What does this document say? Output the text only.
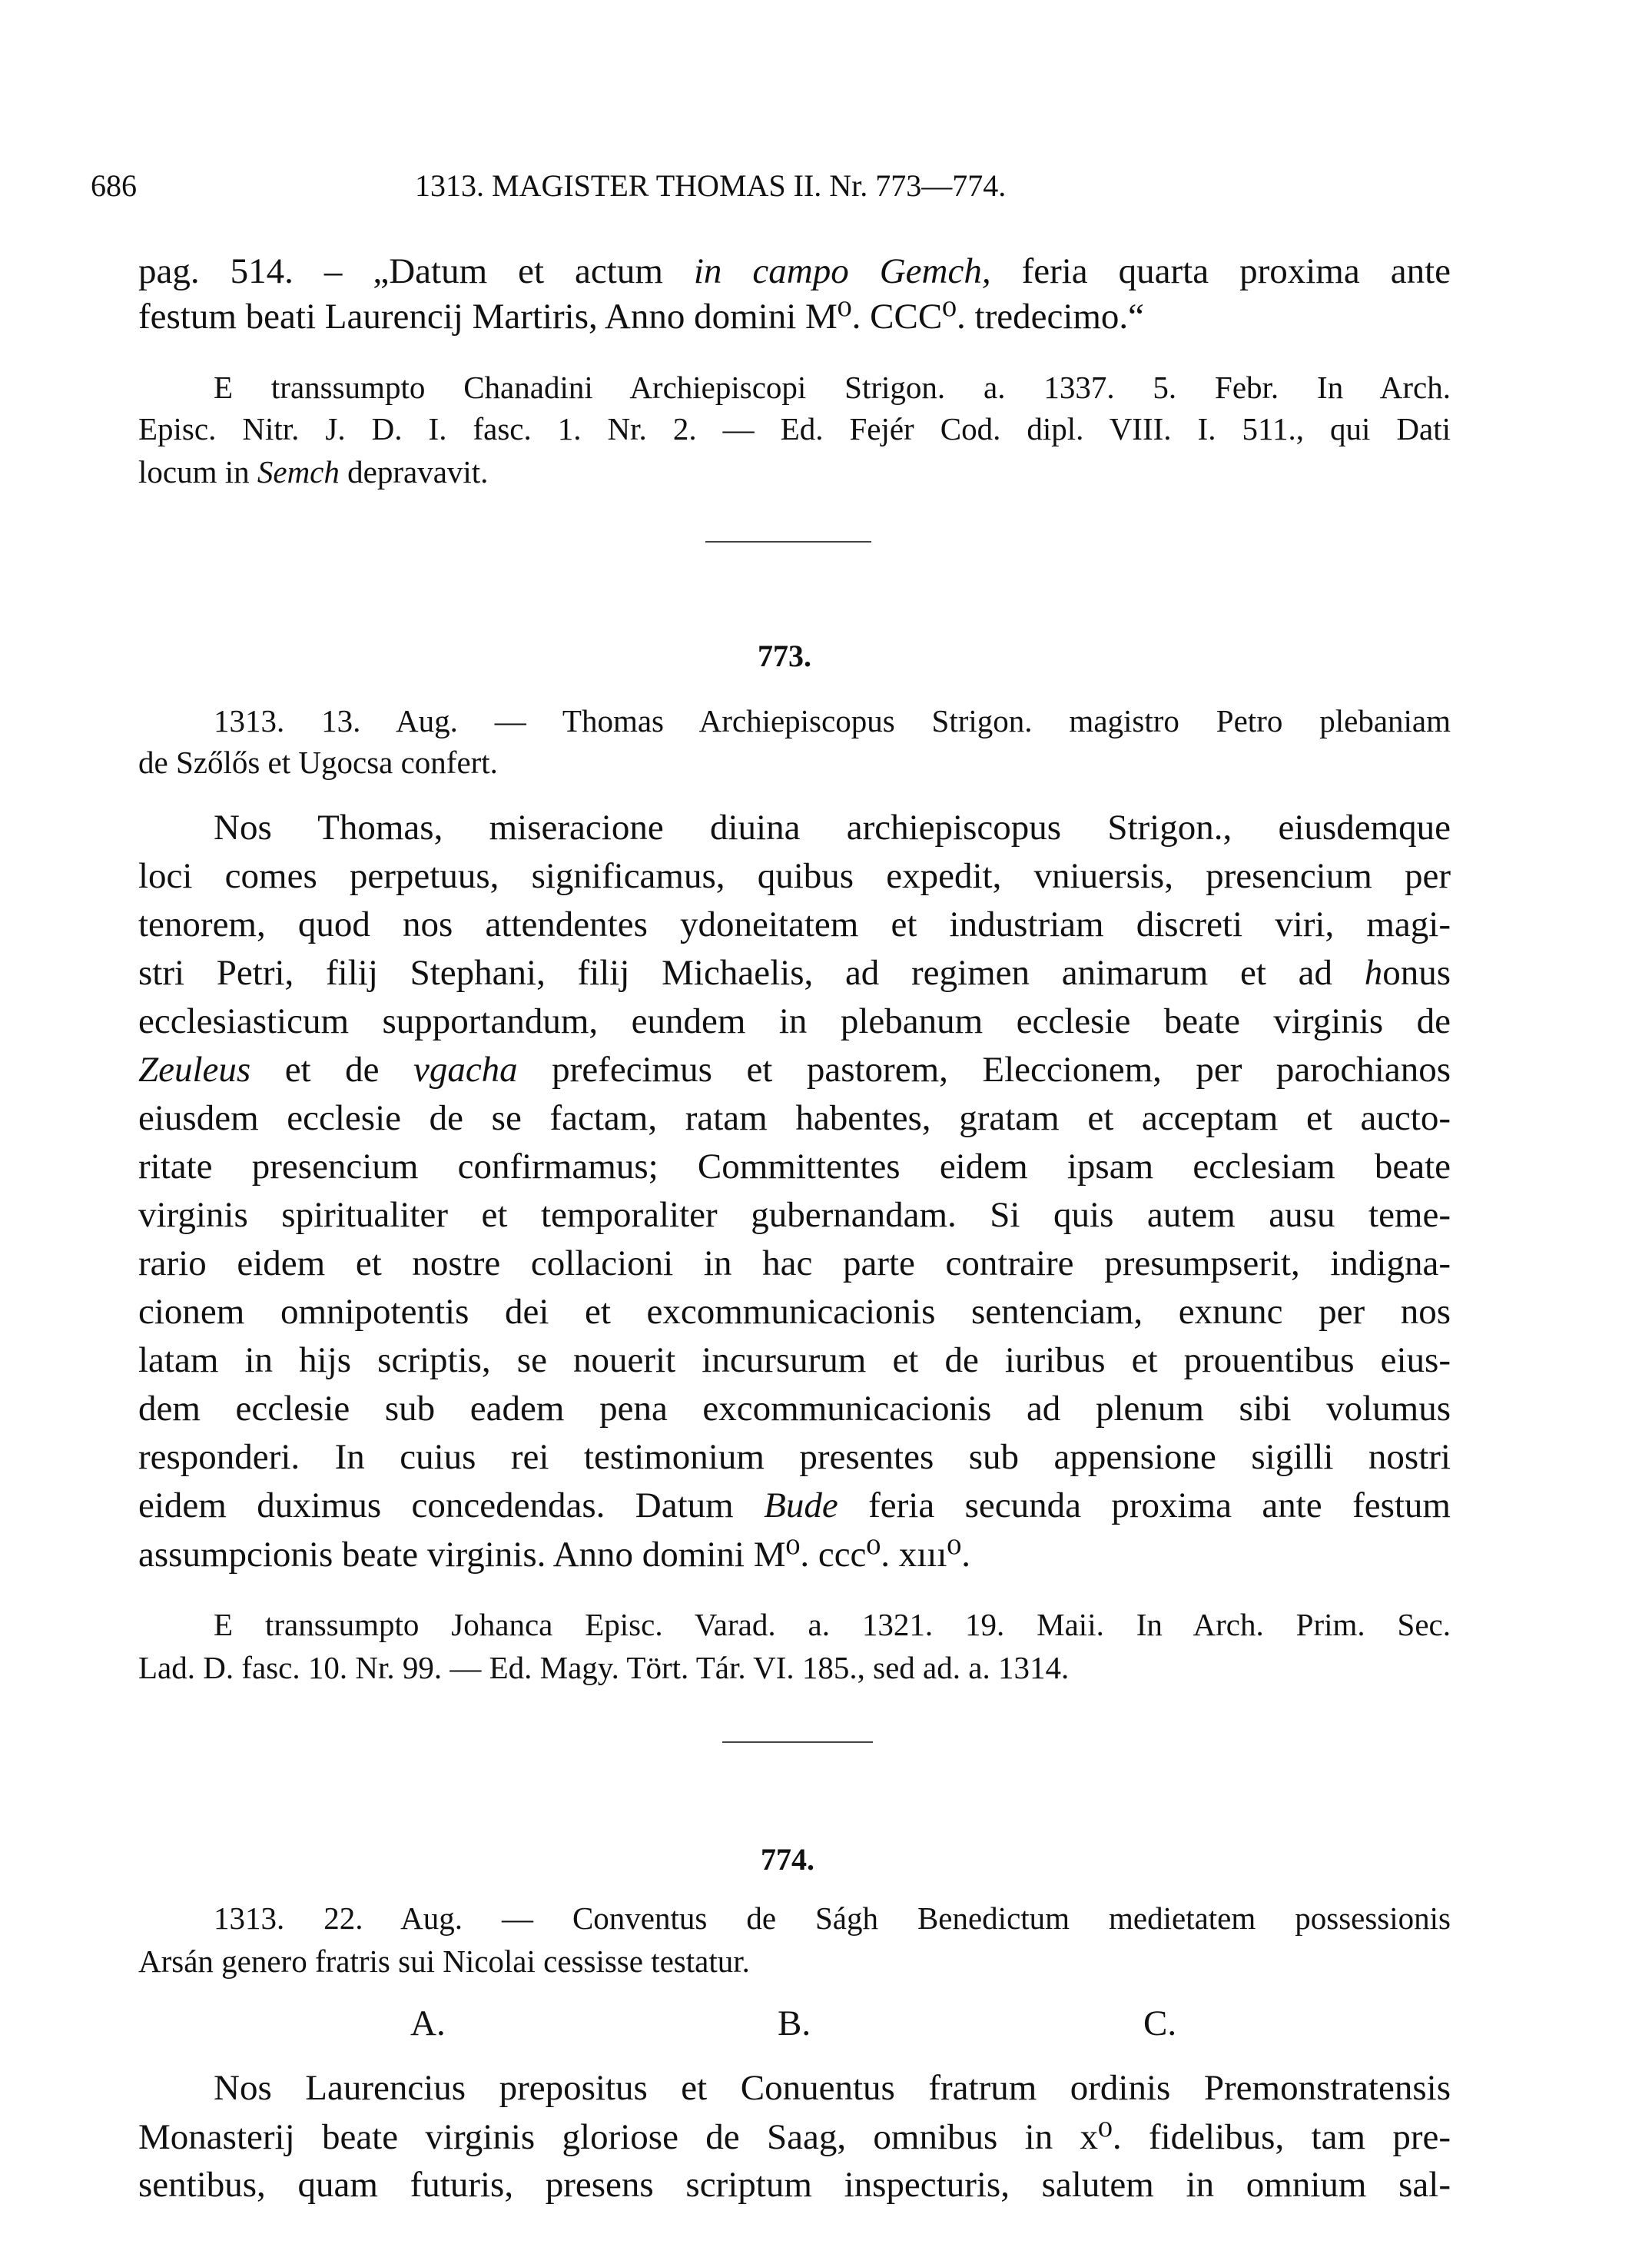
686	1313. MAGISTER THOMAS II. Nr. 773—774.
pag. 514. – „Datum et actum in campo Gemch, feria quarta proxima ante
festum beati Laurencij Martiris, Anno domini M⁰. CCC⁰. tredecimo.“
E transsumpto Chanadini Archiepiscopi Strigon. a. 1337. 5. Febr. In Arch.
Episc. Nitr. J. D. I. fasc. 1. Nr. 2. — Ed. Fejér Cod. dipl. VIII. I. 511., qui Dati
locum in Semch depravavit.
773.
1313. 13. Aug. — Thomas Archiepiscopus Strigon. magistro Petro plebaniam
de Szőlős et Ugocsa confert.
Nos Thomas, miseracione diuina archiepiscopus Strigon., eiusdemque
loci comes perpetuus, significamus, quibus expedit, vniuersis, presencium per
tenorem, quod nos attendentes ydoneitatem et industriam discreti viri, magi-
stri Petri, filij Stephani, filij Michaelis, ad regimen animarum et ad honus
ecclesiasticum supportandum, eundem in plebanum ecclesie beate virginis de
Zeuleus et de vgacha prefecimus et pastorem, Eleccionem, per parochianos
eiusdem ecclesie de se factam, ratam habentes, gratam et acceptam et aucto-
ritate presencium confirmamus; Committentes eidem ipsam ecclesiam beate
virginis spiritualiter et temporaliter gubernandam. Si quis autem ausu teme-
rario eidem et nostre collacioni in hac parte contraire presumpserit, indigna-
cionem omnipotentis dei et excommunicacionis sentenciam, exnunc per nos
latam in hijs scriptis, se nouerit incursurum et de iuribus et prouentibus eius-
dem ecclesie sub eadem pena excommunicacionis ad plenum sibi volumus
responderi. In cuius rei testimonium presentes sub appensione sigilli nostri
eidem duximus concedendas. Datum Bude feria secunda proxima ante festum
assumpcionis beate virginis. Anno domini M⁰. ccc⁰. xııı⁰.
E transsumpto Johanca Episc. Varad. a. 1321. 19. Maii. In Arch. Prim. Sec.
Lad. D. fasc. 10. Nr. 99. — Ed. Magy. Tört. Tár. VI. 185., sed ad. a. 1314.
774.
1313. 22. Aug. — Conventus de Ságh Benedictum medietatem possessionis
Arsán genero fratris sui Nicolai cessisse testatur.
A.	B.	C.
Nos Laurencius prepositus et Conuentus fratrum ordinis Premonstratensis
Monasterij beate virginis gloriose de Saag, omnibus in x⁰. fidelibus, tam pre-
sentibus, quam futuris, presens scriptum inspecturis, salutem in omnium sal-
